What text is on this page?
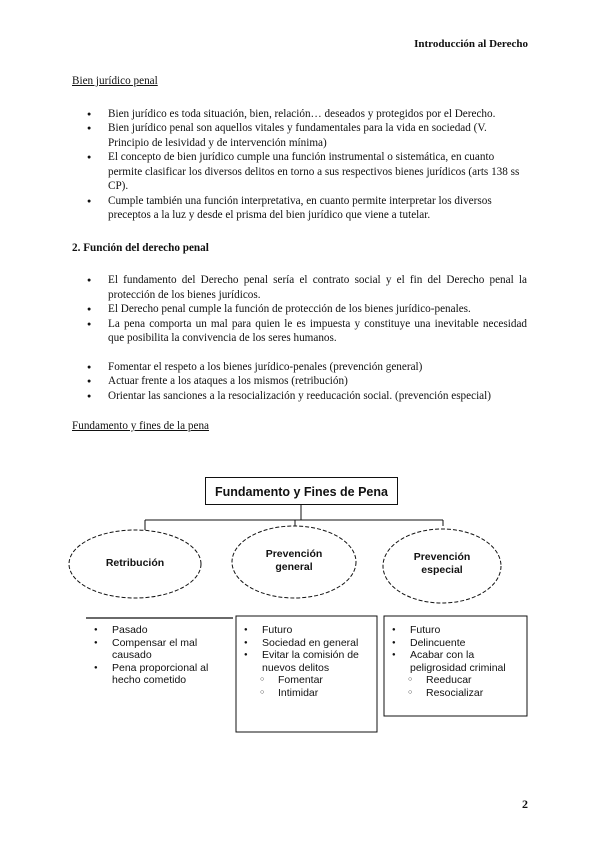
Introducción al Derecho
Bien jurídico penal
● Bien jurídico es toda situación, bien, relación… deseados y protegidos por el Derecho.
● Bien jurídico penal son aquellos vitales y fundamentales para la vida en sociedad (V. Principio de lesividad y de intervención mínima)
● El concepto de bien jurídico cumple una función instrumental o sistemática, en cuanto permite clasificar los diversos delitos en torno a sus respectivos bienes jurídicos (arts 138 ss CP).
● Cumple también una función interpretativa, en cuanto permite interpretar los diversos preceptos a la luz y desde el prisma del bien jurídico que viene a tutelar.
2. Función del derecho penal
● El fundamento del Derecho penal sería el contrato social y el fin del Derecho penal la protección de los bienes jurídicos.
● El Derecho penal cumple la función de protección de los bienes jurídico-penales.
● La pena comporta un mal para quien le es impuesta y constituye una inevitable necesidad que posibilita la convivencia de los seres humanos.
● Fomentar el respeto a los bienes jurídico-penales (prevención general)
● Actuar frente a los ataques a los mismos (retribución)
● Orientar las sanciones a la resocialización y reeducación social. (prevención especial)
Fundamento y fines de la pena
Fundamento y Fines de Pena
Retribución
Prevención
general
Prevención
especial
● Pasado
● Compensar el mal causado
● Pena proporcional al hecho cometido
● Futuro
● Sociedad en general
● Evitar la comisión de nuevos delitos
○ Fomentar
○ Intimidar
● Futuro
● Delincuente
● Acabar con la peligrosidad criminal
○ Reeducar
○ Resocializar
2
